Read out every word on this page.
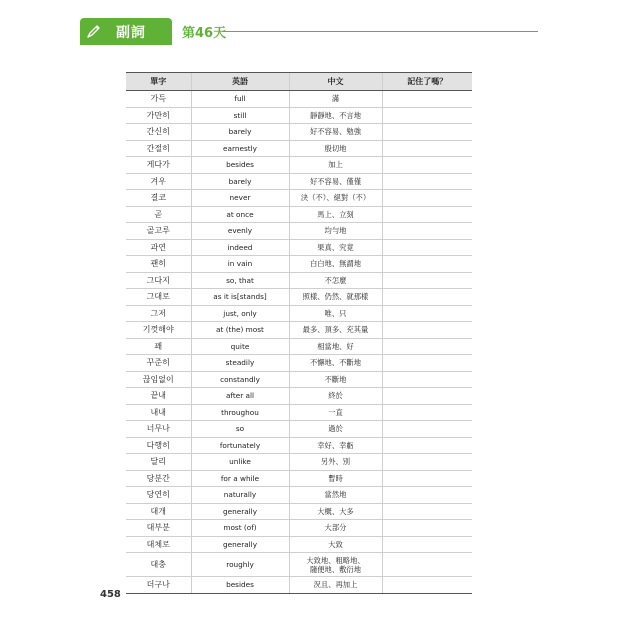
副詞	第46天
單字	英語	中文	記住了嗎？
가득	full	滿	
가만히	still	靜靜地、不言地	
간신히	barely	好不容易、勉強	
간절히	earnestly	殷切地	
게다가	besides	加上	
겨우	barely	好不容易、僅僅	
결코	never	決（不）、絕對（不）	
곧	at once	馬上、立刻	
골고루	evenly	均勻地	
과연	indeed	果真、究竟	
괜히	in vain	白白地、無謂地	
그다지	so, that	不怎麼	
그대로	as it is[stands]	照樣、仍然、就那樣	
그저	just, only	唯、只	
기껏해야	at (the) most	最多、頂多、充其量	
꽤	quite	相當地、好	
꾸준히	steadily	不懈地、不斷地	
끊임없이	constandly	不斷地	
끝내	after all	終於	
내내	throughou	一直	
너무나	so	過於	
다행히	fortunately	幸好、幸虧	
달리	unlike	另外、別	
당분간	for a while	暫時	
당연히	naturally	當然地	
대개	generally	大概、大多	
대부분	most (of)	大部分	
대체로	generally	大致	
대충	roughly	大致地、粗略地、
隨便地、敷衍地	
더구나	besides	況且、再加上	
458
